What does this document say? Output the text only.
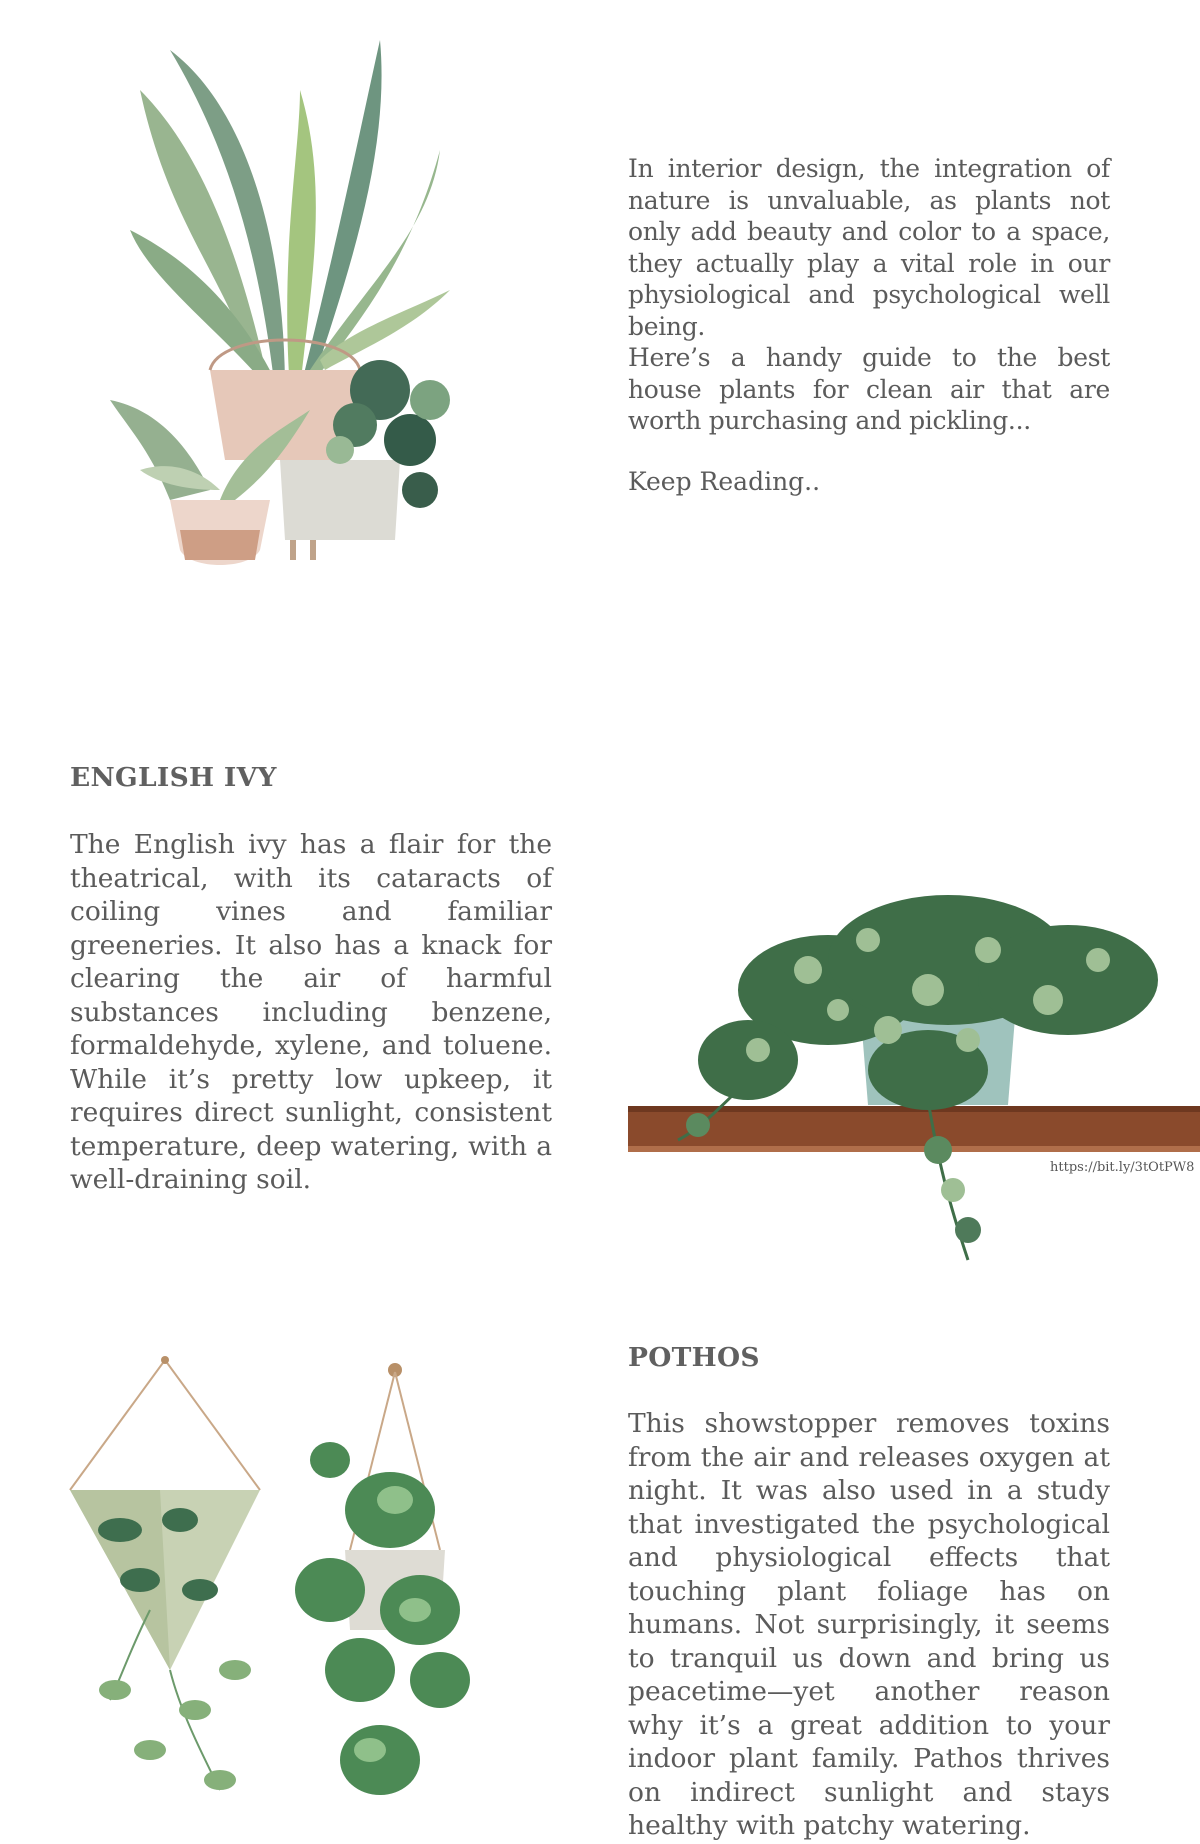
In interior design, the integration of nature is unvaluable, as plants not only add beauty and color to a space, they actually play a vital role in our physiological and psychological well being.

Here’s a handy guide to the best house plants for clean air that are worth purchasing and pickling...

Keep Reading..
ENGLISH IVY

The English ivy has a flair for the theatrical, with its cataracts of coiling vines and familiar greeneries. It also has a knack for clearing the air of harmful substances including benzene, formaldehyde, xylene, and toluene. While it’s pretty low upkeep, it requires direct sunlight, consistent temperature, deep watering, with a well-draining soil.	https://bit.ly/3tOtPW8
POTHOS

This showstopper removes toxins from the air and releases oxygen at night. It was also used in a study that investigated the psychological and physiological effects that touching plant foliage has on humans. Not surprisingly, it seems to tranquil us down and bring us peacetime—yet another reason why it’s a great addition to your indoor plant family. Pathos thrives on indirect sunlight and stays healthy with patchy watering.
